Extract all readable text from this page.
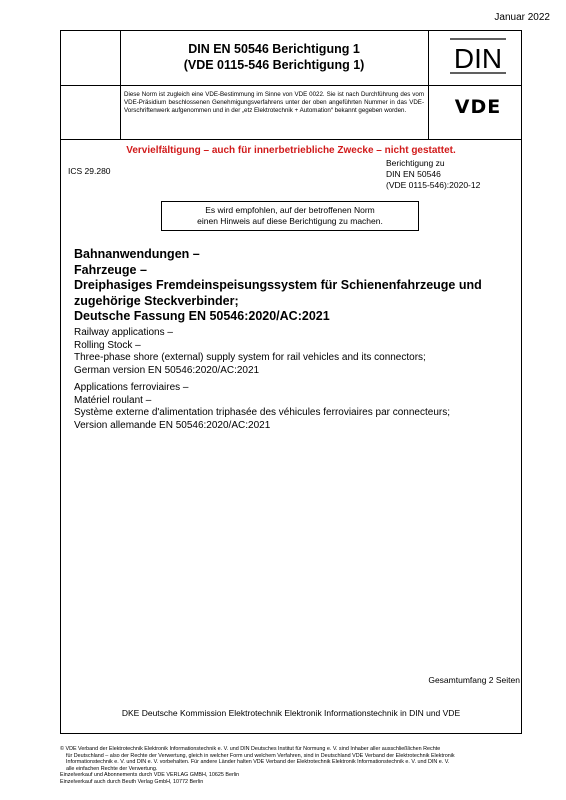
Januar 2022
DIN EN 50546 Berichtigung 1
(VDE 0115-546 Berichtigung 1)	DIN
Diese Norm ist zugleich eine VDE-Bestimmung im Sinne von VDE 0022. Sie ist nach Durchführung des vom VDE-Präsidium beschlossenen Genehmigungsverfahrens unter der oben angeführten Nummer in das VDE-Vorschriftenwerk aufgenommen und in der „etz Elektrotechnik + Automation“ bekannt gegeben worden.	VDE
Vervielfältigung – auch für innerbetriebliche Zwecke – nicht gestattet.
ICS 29.280
Berichtigung zu
DIN EN 50546
(VDE 0115-546):2020-12
Es wird empfohlen, auf der betroffenen Norm
einen Hinweis auf diese Berichtigung zu machen.
Bahnanwendungen –
Fahrzeuge –
Dreiphasiges Fremdeinspeisungssystem für Schienenfahrzeuge und
zugehörige Steckverbinder;
Deutsche Fassung EN 50546:2020/AC:2021
Railway applications –
Rolling Stock –
Three-phase shore (external) supply system for rail vehicles and its connectors;
German version EN 50546:2020/AC:2021
Applications ferroviaires –
Matériel roulant –
Système externe d'alimentation triphasée des véhicules ferroviaires par connecteurs;
Version allemande EN 50546:2020/AC:2021
Gesamtumfang 2 Seiten
DKE Deutsche Kommission Elektrotechnik Elektronik Informationstechnik in DIN und VDE

© VDE Verband der Elektrotechnik Elektronik Informationstechnik e. V. und DIN Deutsches Institut für Normung e. V. sind Inhaber aller ausschließlichen Rechte

für Deutschland – also der Rechte der Verwertung, gleich in welcher Form und welchem Verfahren, sind in Deutschland VDE Verband der Elektrotechnik Elektronik

Informationstechnik e. V. und DIN e. V. vorbehalten. Für andere Länder halten VDE Verband der Elektrotechnik Elektronik Informationstechnik e. V. und DIN e. V.

alle einfachen Rechte der Verwertung.

Einzelverkauf und Abonnements durch VDE VERLAG GMBH, 10625 Berlin

Einzelverkauf auch durch Beuth Verlag GmbH, 10772 Berlin
